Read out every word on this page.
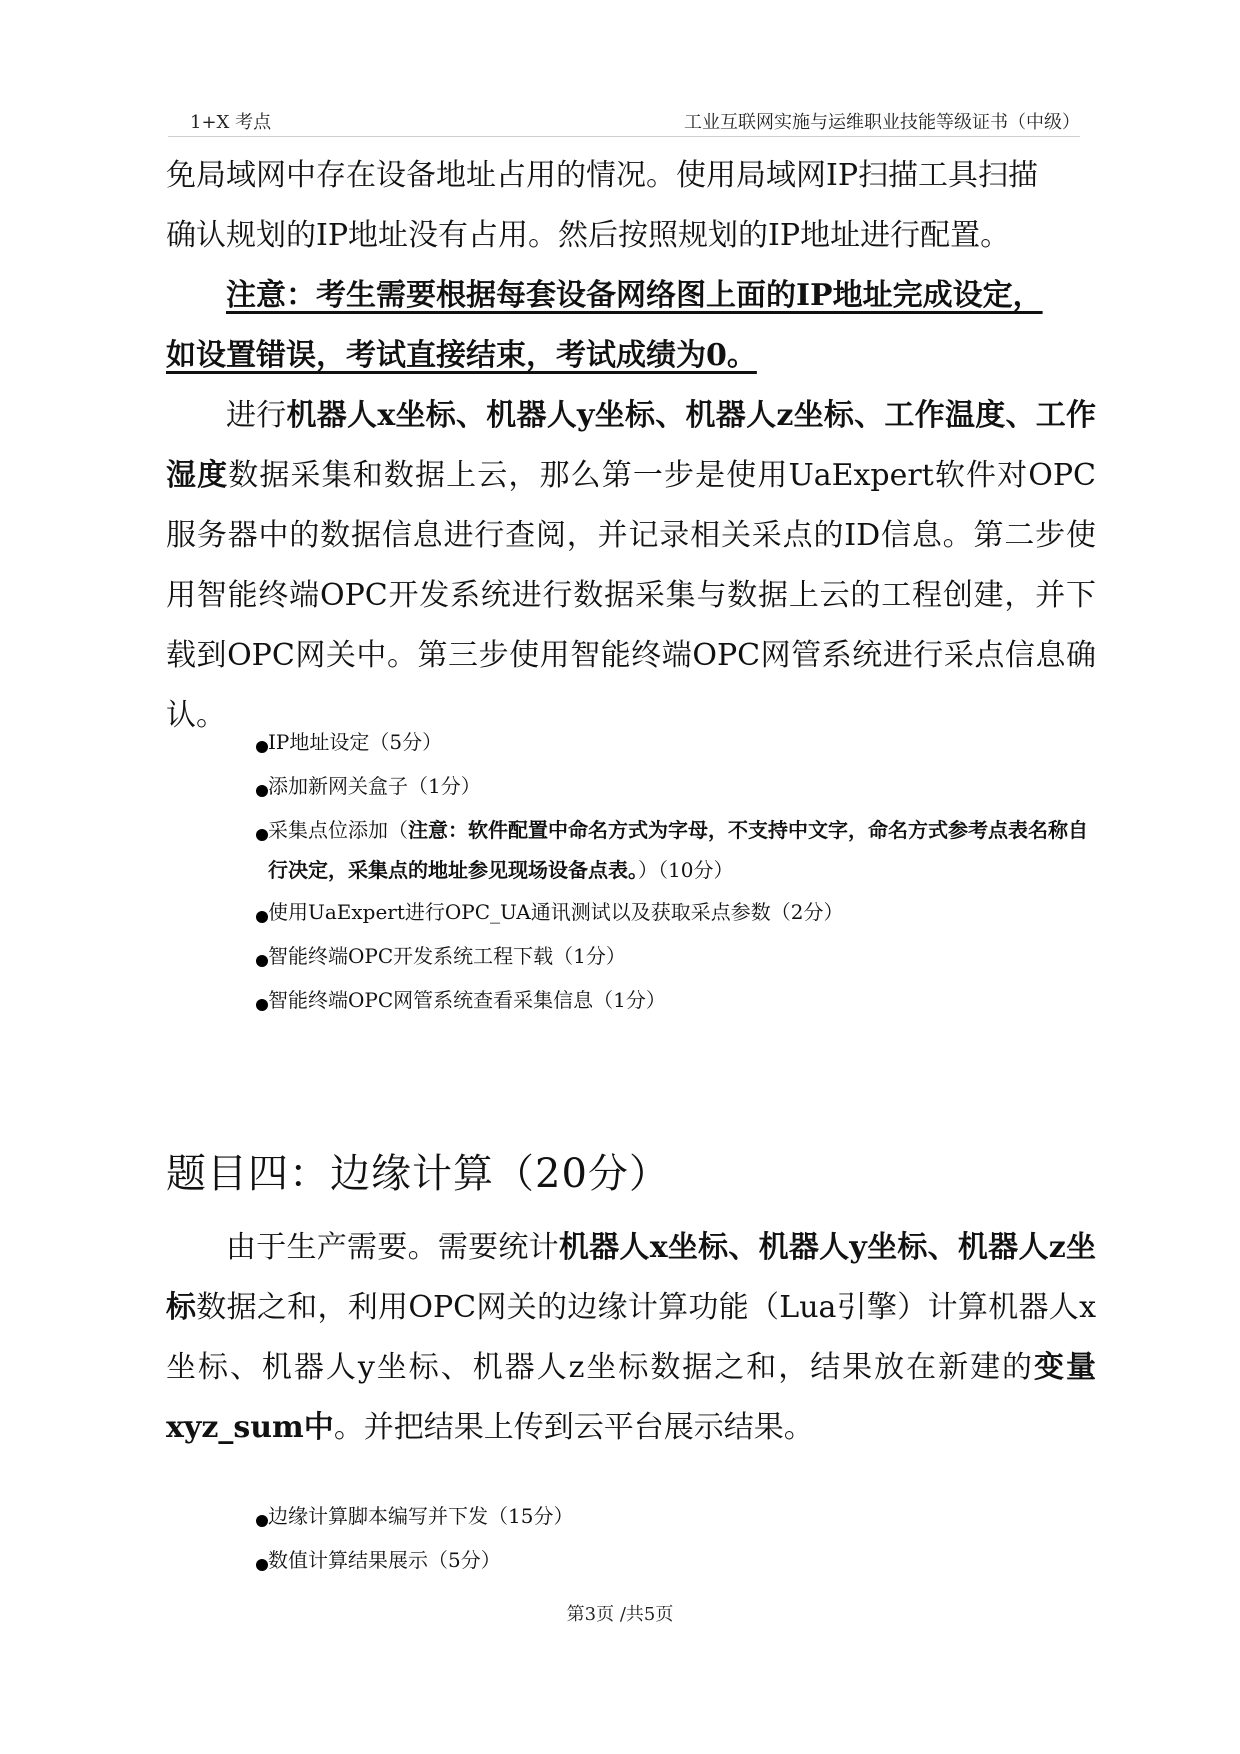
1+X 考点	工业互联网实施与运维职业技能等级证书（中级）

免局域网中存在设备地址占用的情况。使用局域网IP扫描工具扫描

确认规划的IP地址没有占用。然后按照规划的IP地址进行配置。

注意：考生需要根据每套设备网络图上面的IP地址完成设定，

如设置错误，考试直接结束，考试成绩为0。

进行机器人x坐标、机器人y坐标、机器人z坐标、工作温度、工作湿度数据采集和数据上云，那么第一步是使用UaExpert软件对OPC服务器中的数据信息进行查阅，并记录相关采点的ID信息。第二步使用智能终端OPC开发系统进行数据采集与数据上云的工程创建，并下载到OPC网关中。第三步使用智能终端OPC网管系统进行采点信息确认。

IP地址设定（5分）
添加新网关盒子（1分）
采集点位添加（注意：软件配置中命名方式为字母，不支持中文字，命名方式参考点表名称自行决定，采集点的地址参见现场设备点表。）（10分）
使用UaExpert进行OPC_UA通讯测试以及获取采点参数（2分）
智能终端OPC开发系统工程下载（1分）
智能终端OPC网管系统查看采集信息（1分）
题目四：边缘计算（20分）

由于生产需要。需要统计机器人x坐标、机器人y坐标、机器人z坐标数据之和，利用OPC网关的边缘计算功能（Lua引擎）计算机器人x坐标、机器人y坐标、机器人z坐标数据之和，结果放在新建的变量xyz_sum中。并把结果上传到云平台展示结果。

边缘计算脚本编写并下发（15分）
数值计算结果展示（5分）
第3页 /共5页
